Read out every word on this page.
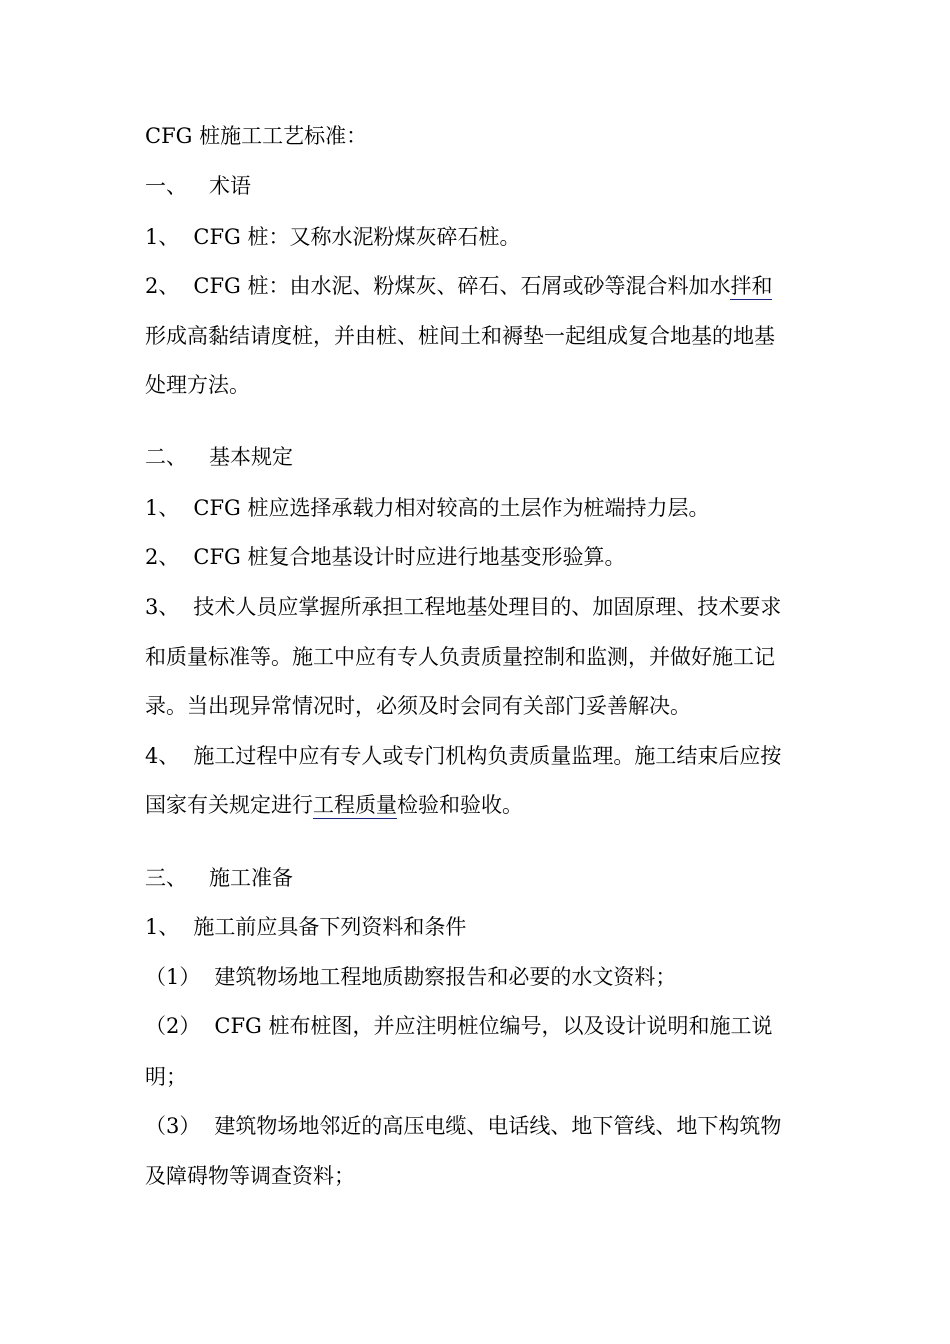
CFG 桩施工工艺标准：
一、 术语
1、 CFG 桩：又称水泥粉煤灰碎石桩。
2、 CFG 桩：由水泥、粉煤灰、碎石、石屑或砂等混合料加水拌和
形成高黏结请度桩，并由桩、桩间土和褥垫一起组成复合地基的地基
处理方法。
二、 基本规定
1、 CFG 桩应选择承载力相对较高的土层作为桩端持力层。
2、 CFG 桩复合地基设计时应进行地基变形验算。
3、 技术人员应掌握所承担工程地基处理目的、加固原理、技术要求
和质量标准等。施工中应有专人负责质量控制和监测，并做好施工记
录。当出现异常情况时，必须及时会同有关部门妥善解决。
4、 施工过程中应有专人或专门机构负责质量监理。施工结束后应按
国家有关规定进行工程质量检验和验收。
三、 施工准备
1、 施工前应具备下列资料和条件
（1） 建筑物场地工程地质勘察报告和必要的水文资料；
（2） CFG 桩布桩图，并应注明桩位编号，以及设计说明和施工说
明；
（3） 建筑物场地邻近的高压电缆、电话线、地下管线、地下构筑物
及障碍物等调查资料；
